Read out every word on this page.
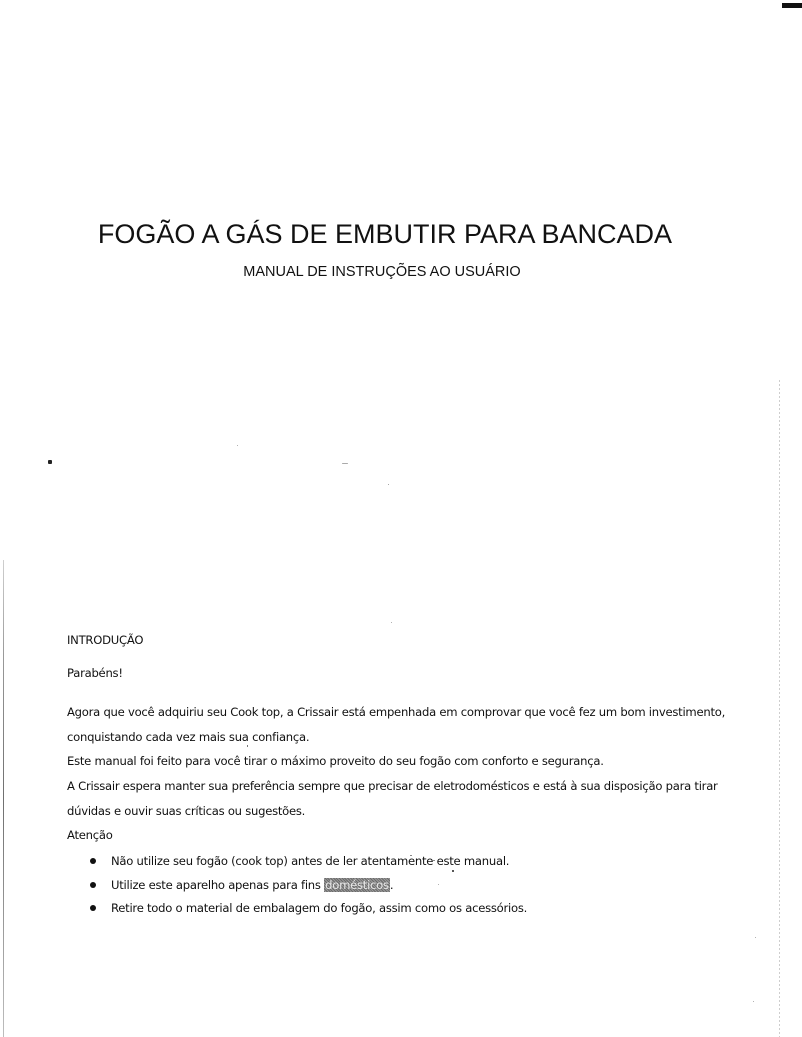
FOGÃO A GÁS DE EMBUTIR PARA BANCADA
MANUAL DE INSTRUÇÕES AO USUÁRIO
INTRODUÇÃO
Parabéns!
Agora que você adquiriu seu Cook top, a Crissair está empenhada em comprovar que você fez um bom investimento,
conquistando cada vez mais sua confiança.
Este manual foi feito para você tirar o máximo proveito do seu fogão com conforto e segurança.
A Crissair espera manter sua preferência sempre que precisar de eletrodomésticos e está à sua disposição para tirar
dúvidas e ouvir suas críticas ou sugestões.
Atenção
Não utilize seu fogão (cook top) antes de ler atentamente este manual.
Utilize este aparelho apenas para fins domésticos.
Retire todo o material de embalagem do fogão, assim como os acessórios.
